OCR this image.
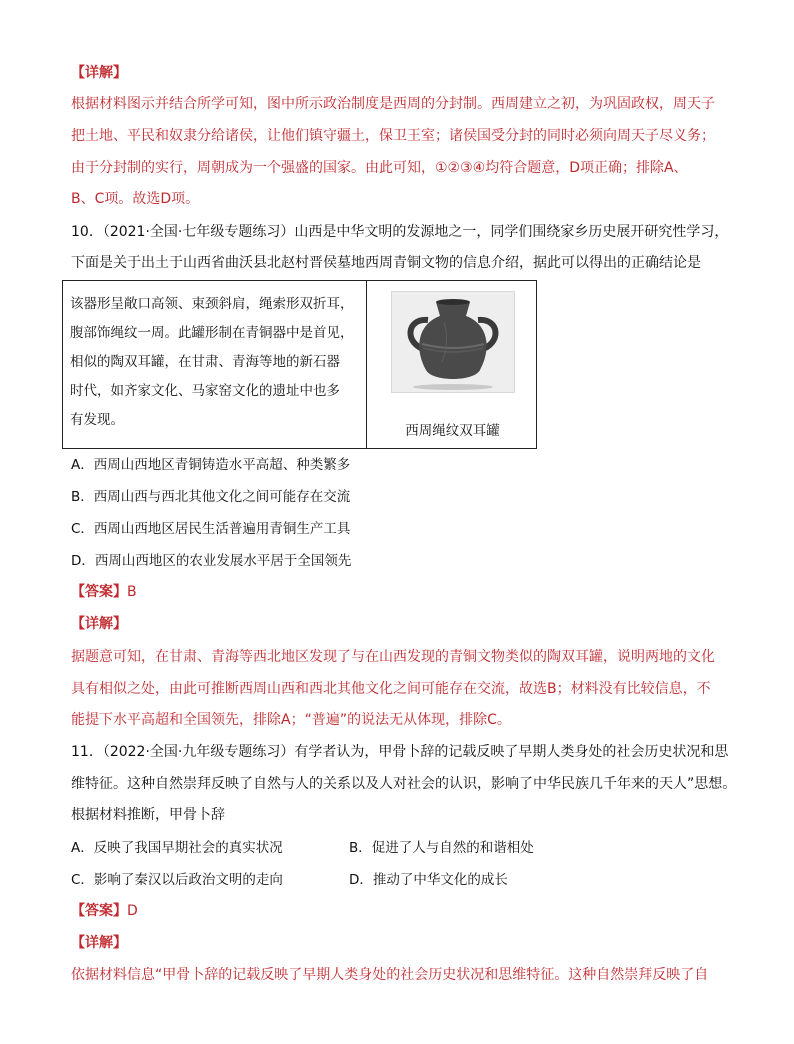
【详解】
根据材料图示并结合所学可知，图中所示政治制度是西周的分封制。西周建立之初，为巩固政权，周天子
把土地、平民和奴隶分给诸侯，让他们镇守疆土，保卫王室；诸侯国受分封的同时必须向周天子尽义务；
由于分封制的实行，周朝成为一个强盛的国家。由此可知，①②③④均符合题意，D项正确；排除A、
B、C项。故选D项。
10．（2021·全国·七年级专题练习）山西是中华文明的发源地之一，同学们围绕家乡历史展开研究性学习，
下面是关于出土于山西省曲沃县北赵村晋侯墓地西周青铜文物的信息介绍，据此可以得出的正确结论是
该器形呈敞口高领、束颈斜肩，绳索形双折耳，
腹部饰绳纹一周。此罐形制在青铜器中是首见，
相似的陶双耳罐，在甘肃、青海等地的新石器
时代，如齐家文化、马家窑文化的遗址中也多
有发现。
西周绳纹双耳罐
A．西周山西地区青铜铸造水平高超、种类繁多
B．西周山西与西北其他文化之间可能存在交流
C．西周山西地区居民生活普遍用青铜生产工具
D．西周山西地区的农业发展水平居于全国领先
【答案】B
【详解】
据题意可知，在甘肃、青海等西北地区发现了与在山西发现的青铜文物类似的陶双耳罐，说明两地的文化
具有相似之处，由此可推断西周山西和西北其他文化之间可能存在交流，故选B；材料没有比较信息，不
能提下水平高超和全国领先，排除A；“普遍”的说法无从体现，排除C。
11．（2022·全国·九年级专题练习）有学者认为，甲骨卜辞的记载反映了早期人类身处的社会历史状况和思
维特征。这种自然崇拜反映了自然与人的关系以及人对社会的认识，影响了中华民族几千年来的天人”思想。
根据材料推断，甲骨卜辞
A．反映了我国早期社会的真实状况	B．促进了人与自然的和谐相处
C．影响了秦汉以后政治文明的走向	D．推动了中华文化的成长
【答案】D
【详解】
依据材料信息“甲骨卜辞的记载反映了早期人类身处的社会历史状况和思维特征。这种自然崇拜反映了自
